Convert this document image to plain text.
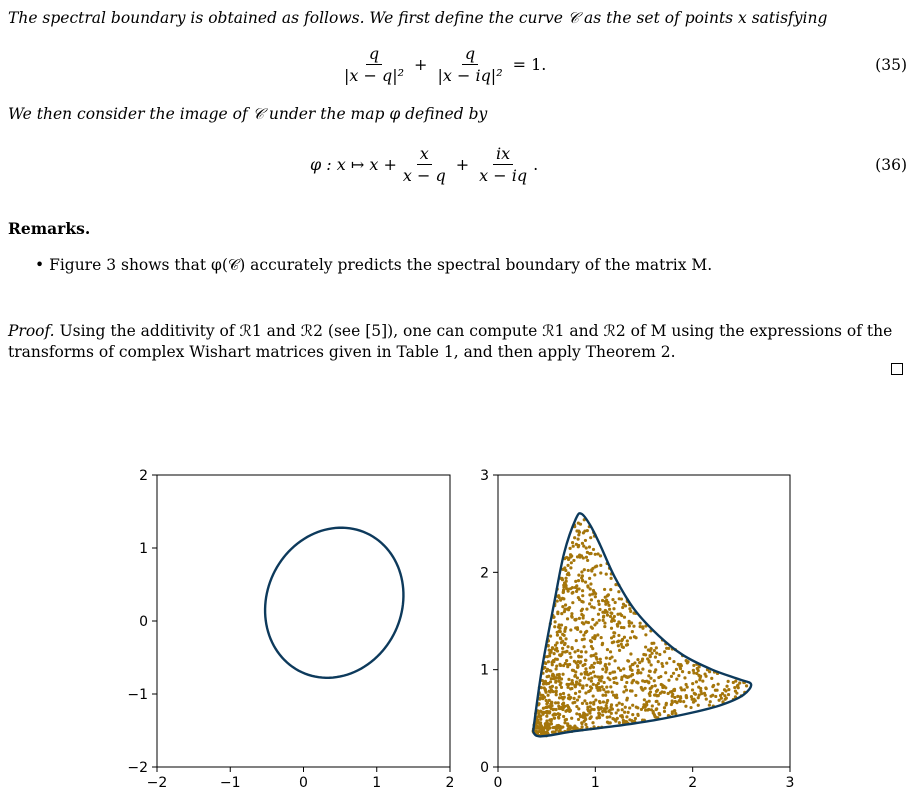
The spectral boundary is obtained as follows. We first define the curve 𝒞 as the set of points x satisfying
$\frac{q}{\text{|x − q|²}} + \frac{q}{\text{|x − iq|²}} = 1$.	(35)
We then consider the image of 𝒞 under the map φ defined by
φ : x ↦ $x + \frac{x}{x - q} + \frac{ix}{x - iq}$ .	(36)
Remarks.
• Figure 3 shows that φ(𝒞) accurately predicts the spectral boundary of the matrix M.
Proof. Using the additivity of ℛ1 and ℛ2 (see [5]), one can compute ℛ1 and ℛ2 of M using the expressions of the transforms of complex Wishart matrices given in Table 1, and then apply Theorem 2.
−2	−1	0	1	2
−2
−1
0
1
2
0	1	2	3
0
1
2
3
